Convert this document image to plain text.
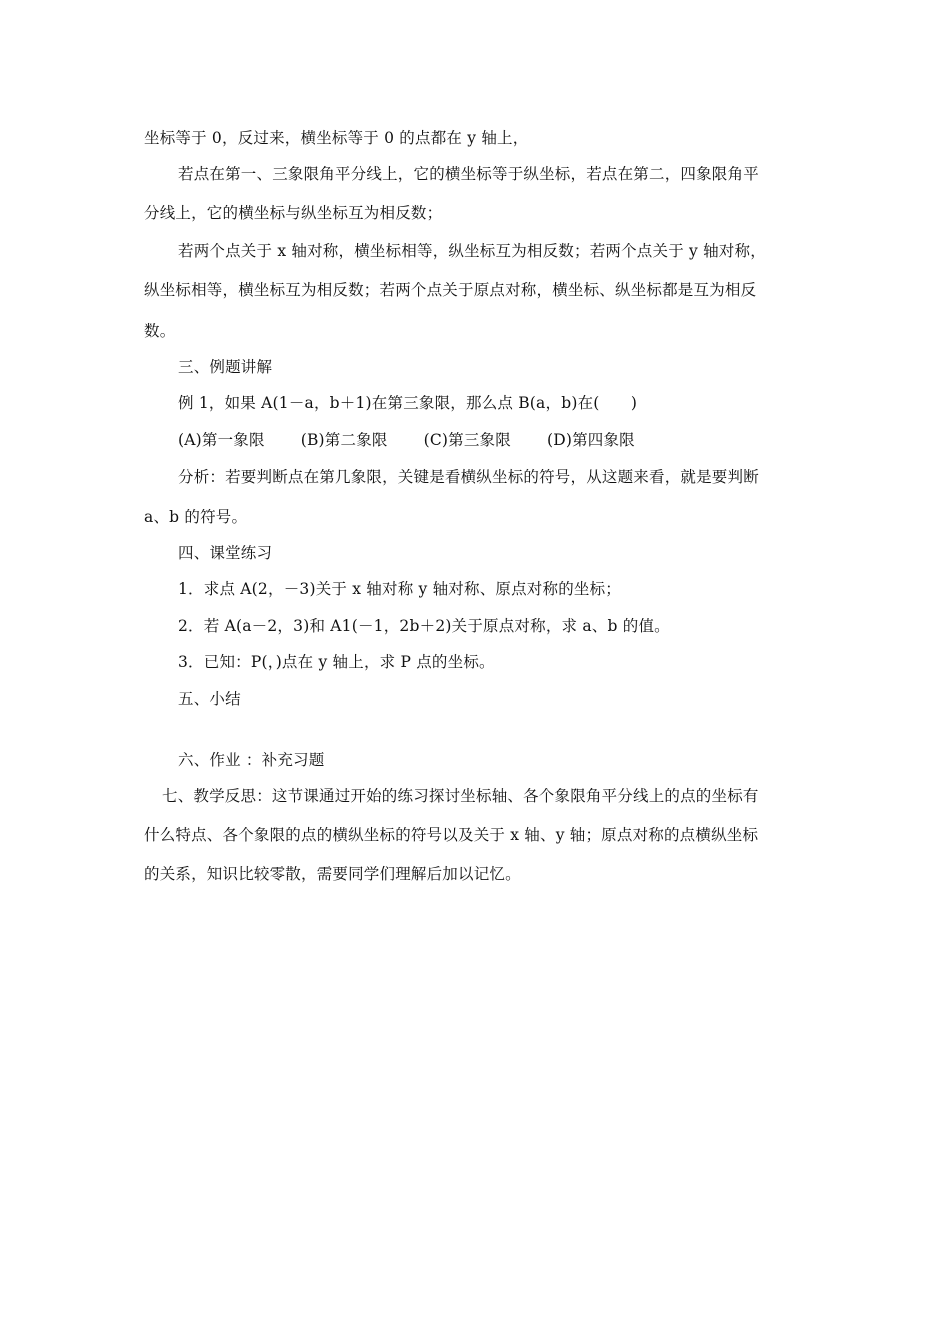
坐标等于 0，反过来，横坐标等于 0 的点都在 y 轴上，
若点在第一、三象限角平分线上，它的横坐标等于纵坐标，若点在第二，四象限角平
分线上，它的横坐标与纵坐标互为相反数；
若两个点关于 x 轴对称，横坐标相等，纵坐标互为相反数；若两个点关于 y 轴对称，
纵坐标相等，横坐标互为相反数；若两个点关于原点对称，横坐标、纵坐标都是互为相反
数。
三、例题讲解
例 1，如果 A(1－a，b＋1)在第三象限，那么点 B(a，b)在(　　)
(A)第一象限 (B)第二象限 (C)第三象限 (D)第四象限
分析：若要判断点在第几象限，关键是看横纵坐标的符号，从这题来看，就是要判断
a、b 的符号。
四、课堂练习
1．求点 A(2，－3)关于 x 轴对称 y 轴对称、原点对称的坐标；
2．若 A(a－2，3)和 A1(－1，2b＋2)关于原点对称，求 a、b 的值。
3．已知：P(，)点在 y 轴上，求 P 点的坐标。
五、小结
六、作业 ：补充习题
七、教学反思：这节课通过开始的练习探讨坐标轴、各个象限角平分线上的点的坐标有
什么特点、各个象限的点的横纵坐标的符号以及关于 x 轴、y 轴；原点对称的点横纵坐标
的关系，知识比较零散，需要同学们理解后加以记忆。
